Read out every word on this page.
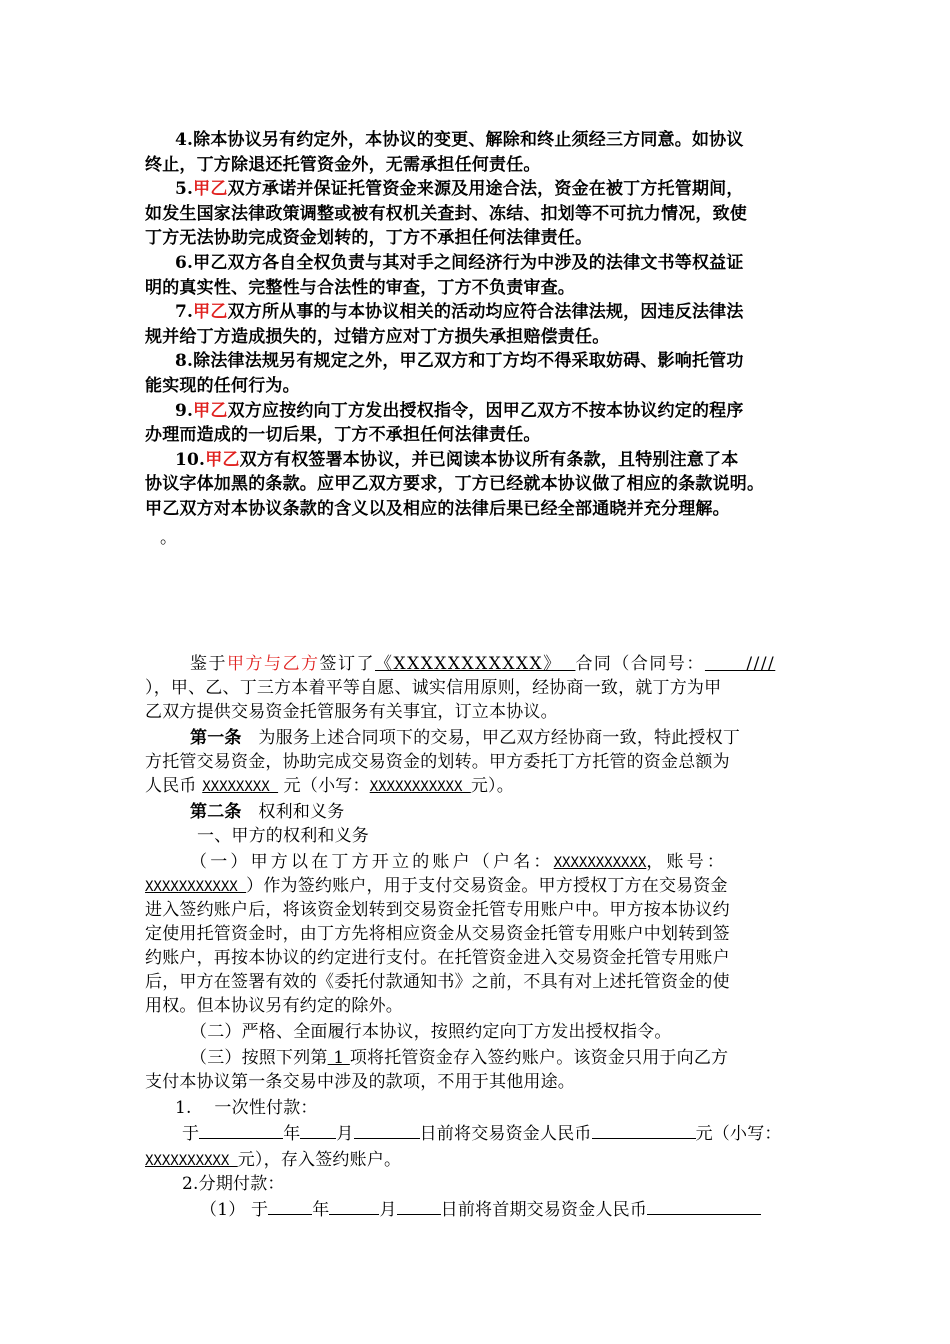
4.除本协议另有约定外，本协议的变更、解除和终止须经三方同意。如协议
终止，丁方除退还托管资金外，无需承担任何责任。
5.甲乙双方承诺并保证托管资金来源及用途合法，资金在被丁方托管期间，
如发生国家法律政策调整或被有权机关查封、冻结、扣划等不可抗力情况，致使
丁方无法协助完成资金划转的，丁方不承担任何法律责任。
6.甲乙双方各自全权负责与其对手之间经济行为中涉及的法律文书等权益证
明的真实性、完整性与合法性的审查，丁方不负责审查。
7.甲乙双方所从事的与本协议相关的活动均应符合法律法规，因违反法律法
规并给丁方造成损失的，过错方应对丁方损失承担赔偿责任。
8.除法律法规另有规定之外，甲乙双方和丁方均不得采取妨碍、影响托管功
能实现的任何行为。
9.甲乙双方应按约向丁方发出授权指令，因甲乙双方不按本协议约定的程序
办理而造成的一切后果，丁方不承担任何法律责任。
10.甲乙双方有权签署本协议，并已阅读本协议所有条款，且特别注意了本
协议字体加黑的条款。应甲乙双方要求，丁方已经就本协议做了相应的条款说明。
甲乙双方对本协议条款的含义以及相应的法律后果已经全部通晓并充分理解。
。
鉴于甲方与乙方签订了《XXXXXXXXXXX》  合同（合同号：      ////
），甲、乙、丁三方本着平等自愿、诚实信用原则，经协商一致，就丁方为甲
乙双方提供交易资金托管服务有关事宜，订立本协议。
第一条 为服务上述合同项下的交易，甲乙双方经协商一致，特此授权丁
方托管交易资金，协助完成交易资金的划转。甲方委托丁方托管的资金总额为
人民币 XXXXXXXX  元（小写：XXXXXXXXXXX 元）。
第二条 权利和义务
一、甲方的权利和义务
（一）甲方以在丁方开立的账户（户名：XXXXXXXXXXX，账号：
XXXXXXXXXXX ）作为签约账户，用于支付交易资金。甲方授权丁方在交易资金
进入签约账户后，将该资金划转到交易资金托管专用账户中。甲方按本协议约
定使用托管资金时，由丁方先将相应资金从交易资金托管专用账户中划转到签
约账户，再按本协议的约定进行支付。在托管资金进入交易资金托管专用账户
后，甲方在签署有效的《委托付款通知书》之前，不具有对上述托管资金的使
用权。但本协议另有约定的除外。
（二）严格、全面履行本协议，按照约定向丁方发出授权指令。
（三）按照下列第 1 项将托管资金存入签约账户。该资金只用于向乙方
支付本协议第一条交易中涉及的款项，不用于其他用途。
1.　 一次性付款：
于	年 月	日前将交易资金人民币	元（小写：
XXXXXXXXXX 元），存入签约账户。
2.分期付款：
（1） 于	年	月	日前将首期交易资金人民币
